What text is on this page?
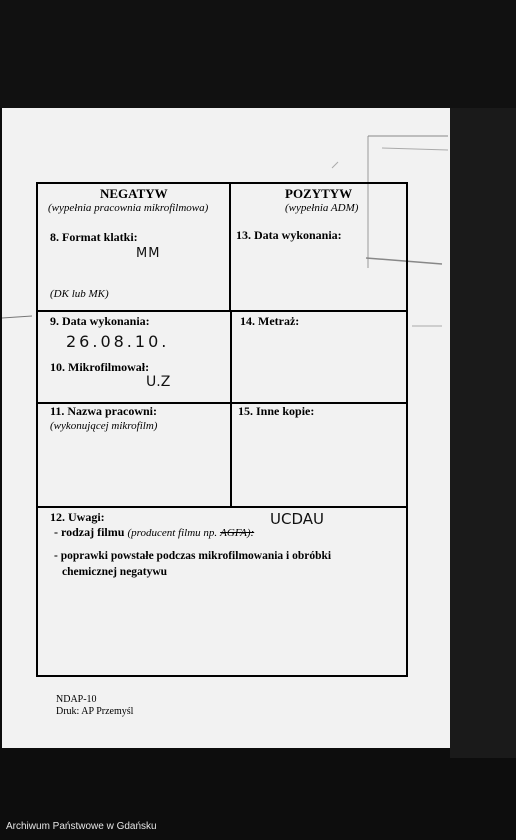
NEGATYW
(wypełnia pracownia mikrofilmowa)
POZYTYW
(wypełnia ADM)
8. Format klatki:
MM
(DK lub MK)
13. Data wykonania:
9. Data wykonania:
26.08.10.
10. Mikrofilmował:
U.Z
14. Metraż:
11. Nazwa pracowni:
(wykonującej mikrofilm)
15. Inne kopie:
12. Uwagi:
- rodzaj filmu (producent filmu np. AGFA):
UCDAU
- poprawki powstałe podczas mikrofilmowania i obróbki
chemicznej negatywu
NDAP-10
Druk: AP Przemyśl
Archiwum Państwowe w Gdańsku
